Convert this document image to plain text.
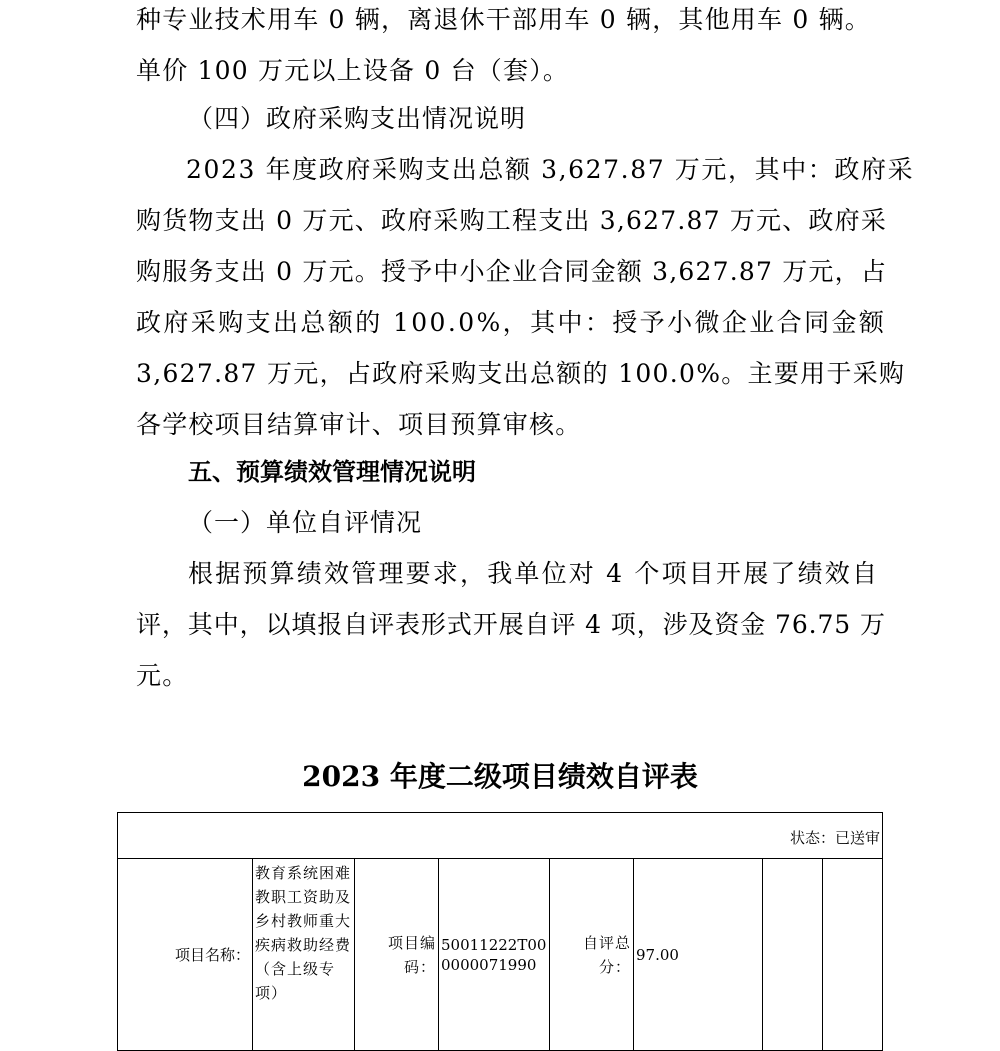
种专业技术用车 0 辆，离退休干部用车 0 辆，其他用车 0 辆。
单价 100 万元以上设备 0 台（套）。
（四）政府采购支出情况说明
2023 年度政府采购支出总额 3,627.87 万元，其中：政府采
购货物支出 0 万元、政府采购工程支出 3,627.87 万元、政府采
购服务支出 0 万元。授予中小企业合同金额 3,627.87 万元，占
政府采购支出总额的 100.0%，其中：授予小微企业合同金额
3,627.87 万元，占政府采购支出总额的 100.0%。主要用于采购
各学校项目结算审计、项目预算审核。
五、预算绩效管理情况说明
（一）单位自评情况
根据预算绩效管理要求，我单位对 4 个项目开展了绩效自
评，其中，以填报自评表形式开展自评 4 项，涉及资金 76.75 万
元。
2023 年度二级项目绩效自评表
状态：已送审
项目名称：	教育系统困难教职工资助及乡村教师重大疾病救助经费（含上级专项）	项目编码：	50011222T000000071990	自评总分：	97.00		
